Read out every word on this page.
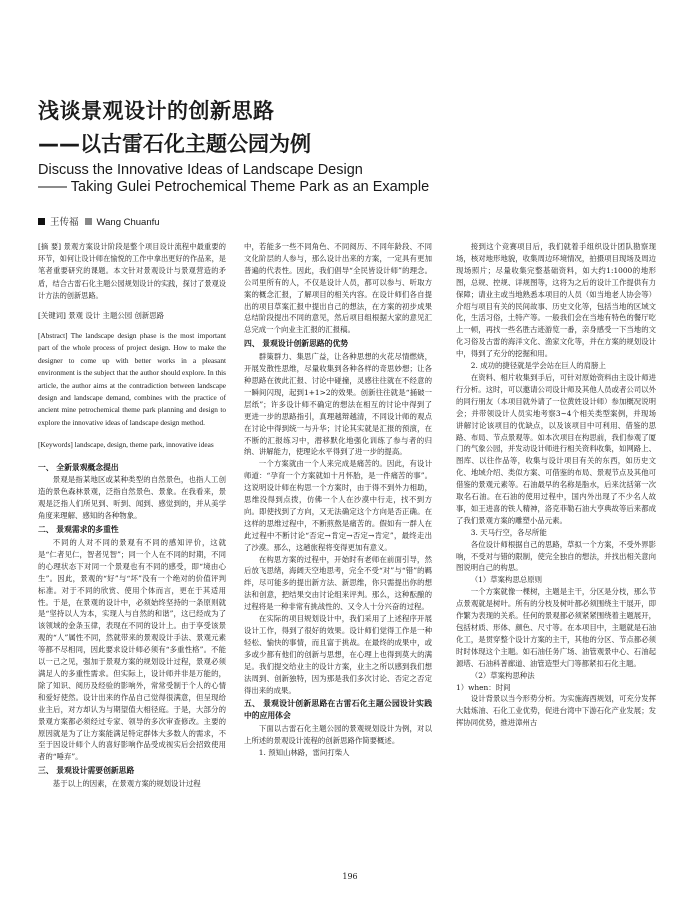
浅谈景观设计的创新思路
——以古雷石化主题公园为例
Discuss the Innovative Ideas of Landscape Design
—— Taking Gulei Petrochemical Theme Park as an Example
王传福 Wang Chuanfu

[摘 要] 景观方案设计阶段是整个项目设计流程中最重要的环节，如何让设计师在愉悦的工作中拿出更好的作品来，是笔者重要研究的课题。本文针对景观设计与景观营造的矛盾，结合古雷石化主题公园规划设计的实践，探讨了景观设计方法的创新思路。

[关键词] 景观 设计 主题公园 创新思路

[Abstract] The landscape design phase is the most important part of the whole process of project design. How to make the designer to come up with better works in a pleasant environment is the subject that the author should explore. In this article, the author aims at the contradiction between landscape design and landscape demand, combines with the practice of ancient mine petrochemical theme park planning and design to explore the innovative ideas of landscape design method.

[Keywords] landscape, design, theme park, innovative ideas

一、 全新景观概念提出

景观是指某地区或某种类型的自然景色，也指人工创造的景色森林景观，泛指自然景色、景象。在我看来，景观是泛指人们所见到、听到、闻到、感觉到的，并从美学角度来理解、感知的各种物象。

二、 景观需求的多重性

不同的人对不同的景观有不同的感知评价，这就是“仁者见仁，智者见智”；同一个人在不同的时期，不同的心理状态下对同一个景观也有不同的感受，即“境由心生”。因此，景观的“好”与“坏”没有一个绝对的价值评判标准。对于不同的欣赏、使用个体而言，更在于其适用性。于是，在景观的设计中，必须始终坚持的一条原则就是“坚持以人为本，实现人与自然的和谐”，这已经成为了该领域的金条玉律，表现在不同的设计上。由于享受该景观的“人”属性不同，然就带来的景观设计手法、景观元素等都不尽相同，因此要求设计师必须有“多重性格”。不能以一己之见，强加于景观方案的规划设计过程，景观必须满足人的多重性需求。但实际上，设计师并非是万能的，除了知识、阅历及经验的影响外，常常受制于个人的心情和爱好使然。设计出来的作品自己觉得很满意，但呈现给业主后，对方却认为与期望值大相径庭。于是，大部分的景观方案都必须经过专家、领导的多次审查修改。主要的原因就是为了让方案能满足特定群体大多数人的需求，不至于因设计师个人的喜好影响作品受成视实后会招致使用者的“唾弃”。

三、 景观设计需要创新思路

基于以上的因素，在景观方案的规划设计过程

中，若能多一些不同角色、不同阅历、不同年龄段、不同文化阶层的人参与，那么设计出来的方案，一定具有更加普遍的代表性。因此，我们倡导“全民皆设计师”的理念。公司里所有的人，不仅是设计人员，都可以参与、听取方案的概念汇报，了解项目的相关内容。在设计师们各自提出的项目草案汇报中提出自己的想法，在方案的初步成果总结阶段提出不同的意见，然后项目组根据大家的意见汇总完成一个向业主汇报的汇报稿。

四、 景观设计创新思路的优势

群策群力、集思广益，让各种思想的火花尽情燃烧，开展发散性思维，尽量收集到各种各样的奇思妙想；让各种思路在彼此汇报、讨论中碰撞，灵感往往就在不经意的一瞬间闪现，起到1+1>2的效果。创新往往就是“捅破一层纸”；许多设计师不确定的想法在相互的讨论中得到了更进一步的思路指引，真理越辩越清，不同设计师的观点在讨论中得到统一与升华；讨论其实就是汇报的预演，在不断的汇报练习中，潜移默化地强化训练了参与者的归纳、讲解能力，使理论水平得到了进一步的提高。

一个方案就由一个人来完成是痛苦的。因此，有设计师道：“孕育一个方案就如十月怀胎，是一件痛苦的事”。这说明设计师在构思一个方案时，由于得不到外力相助，思维没得到点拨，仿佛一个人在沙漠中行走，找不到方向。即使找到了方向，又无法确定这个方向是否正确。在这样的思维过程中，不断煎熬是痛苦的。假如有一群人在此过程中不断讨论“否定→肯定→否定→肯定”，最终走出了沙漠。那么，这趟旅程将变得更加有意义。

在构思方案的过程中，开始时有老师在前面引导，然后放飞思绪，海阔天空地思考，完全不受“对”与“错”的羁绊，尽可能多的提出新方法、新思维，你只需提出你的想法和创意，把结果交由讨论组来评判。那么，这种酝酿的过程将是一种非常有挑战性的、又令人十分兴奋的过程。

在实际的项目规划设计中，我们采用了上述程序开展设计工作，得到了很好的效果。设计师们觉得工作是一种轻松、愉快的事情，而且富于挑战。在最终的成果中，或多或少都有他们的创新与思想，在心理上也得到莫大的满足。我们提交给业主的设计方案，业主之所以感到我们想法周到、创新独特，因为那是我们多次讨论、否定之否定得出来的成果。

五、 景观设计创新思路在古雷石化主题公园设计实践中的应用体会

下面以古雷石化主题公园的景观规划设计为例，对以上所述的景观设计流程的创新思路作简要概述。

1. 预知山林路，雷问打柴人

接到这个竞赛项目后，我们就着手组织设计团队勘察现场，核对地形地貌，收集周边环境情况，拍摄项目现场及周边现场照片；尽量收集完整基础资料，如大约1:1000的地形图，总规、控规、详规图等，这将为之后的设计工作提供有力保障；请业主或当地熟悉本项目的人员（如当地老人协会等）介绍与项目有关的民间故事、历史文化等，包括当地的区域文化，生活习俗，土特产等。一般我们会在当地有特色的餐厅吃上一顿，再找一些名胜古迹游览一番，亲身感受一下当地的文化习俗及古雷的海洋文化、渔家文化等，并在方案的规划设计中，得到了充分的挖掘和用。

2. 成功的捷径就是学会站在巨人的肩膀上

在资料、相片收集到手后，可针对原始资料由主设计师进行分析。这时，可以邀请公司设计师及其他人员或者公司以外的同行朋友（本项目就外请了一位黄姓设计师）参加概况说明会；并带领设计人员实地考察3~4个相关类型案例，并现场讲解讨论该项目的优缺点，以及该项目中可利用、借鉴的思路、布局、节点景观等。如本次项目在构思前，我们参观了厦门的气象公园，并发动设计师进行相关资料收集，如网路上、图库、以往作品等，收集与设计项目有关的东西，如历史文化、地域介绍、类似方案、可借鉴的布局、景观节点及其他可借鉴的景观元素等。石油最早的名称是脂水，后来沈括第一次取名石油。在石油的使用过程中，国内外出现了不少名人故事，如王进喜的铁人精神，洛克菲勒石油大亨典故等后来都成了我们景观方案的雕塑小品元素。

3. 天马行空，各尽所能

各位设计师根据自己的思路，草拟一个方案，不受外界影响，不受对与错的限制，使完全独自的想法，并找出相关意向图说明自己的构思。

（1）草案构思总原则

一个方案就像一棵树，主题是主干，分区是分枝，那么节点景观就是树叶。所有的分枝及树叶都必须围绕主干展开，即作繁为表现的关系。任何的景观都必须紧紧围绕着主题展开，包括材质、形体、颜色、尺寸等。在本项目中，主题就是石油化工，是贯穿整个设计方案的主干，其他的分区、节点都必须时时体现这个主题。如石油任务广场、油管观景中心、石油起源塔、石油科普廊道、油管造型大门等都紧扣石化主题。

（2）草案构思种法

1）when：时间

设计背景以当今形势分析。为实施海西规划，可充分发挥大陆炼油、石化工业优势，促进台湾中下游石化产业发展；发挥协同优势，推进漳州古

196
